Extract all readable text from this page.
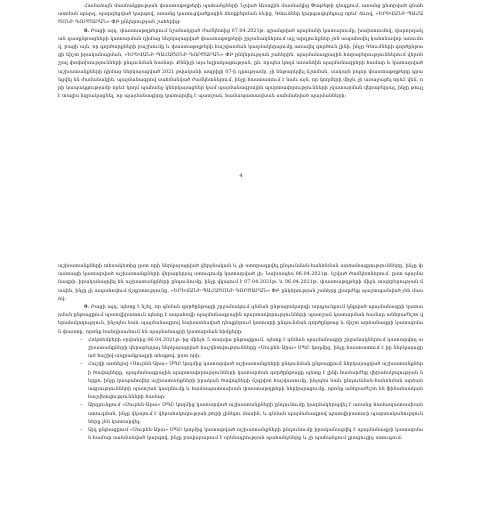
Համաձայն մասնակցության փաստաթղթերի պահանջների Նշված Առաջին մասնակից Փաթեթի դեպքում, առանց ընտրված գնահատման պարզ, պարզեցված կարգով, առանց կառուցվածքային ձեռքբերման ձևից, Գնումներ կարգավորելուց որևէ ձևով, «ԵՐԵՎԱՆԻ ՊԱՀԱԾՈՆԻ ԳՈՐԾԱՐԱՆ» ՓԲ ընկերության շահերից:

8. Բացի այդ, փաստաթղթերում նշանակված ժամկետից 07.04.2021թ. գրանցված պայմանի կատարումը, խախտումով, վարորդական դասընթացների կատարման դիմաց ներկայացված փաստաթղթերի շրջանակներում այլ արդյունքներ չեն ապահովել կանոնավոր առումով, բացի այն, որ գործարքների բաշխումը և փաստաթղթերի հաշվառման կազմակերպումը առավել գործուն լինի, ինչը Գնումների գործընթացի ճիշտ իրականացման, «ԵՐԵՎԱՆԻ ՊԱՀԱԾՈՆԻ ԳՈՐԾԱՐԱՆ» ՓԲ ընկերության շահերին, պայմանագրային հարաբերություններում վերոնշյալ փոփոխությունների ընդունման համար: Քննիչի այս եզրակացության, ըն. որպես կողմ առանձին պայմանագրերի համար և կատարված աշխատանքների դիմաց ներկայացված 2021 թվականի ապրիլի 07-ի դրությամբ, չի ենթարկվել ճշտման, սակայն բոլոր փաստաթղթերը գրանցվել են ժամանակին, պայմանագրով սահմանված ժամկետներում, ինչը հաստատում է նաև այն, որ կողմերի միջև չի առաջացել որևէ վեճ, որի կապակցությամբ որևէ կողմ պահանջ կներկայացներ կամ պայմանագրային պարտավորությունների չկատարման վերաբերյալ, ինչը թույլ է տալիս եզրակացնել, որ պայմանագիրը կատարվել է պատշաճ, համապատասխան սահմանված պայմանների:

4

աշխատանքների տեսակետից ըստ որի ներկայացված վերջնական և չի ստորագրվել ընդունման-հանձնման արձանագրությունները, ինչը փաստացի կատարված աշխատանքների վերաբերյալ ստուգումը կատարված չի: Նախապես 06.04.2021թ. նշված ժամկետներում, ըստ պայմանագրի, իրականացվել են աշխատանքների ընդունումը, ինչը վկայում է 07.04.2021թ. և 06.04.2021թ. փաստաթղթերի միջև տարբերության մասին, ինչը չի ապահովում ճշգրտությունը, «ԵՐԵՎԱՆԻ ՊԱՀԱԾՈՆԻ ԳՈՐԾԱՐԱՆ» ՓԲ ընկերության շահերը լիարժեք պաշտպանված չեն մասով:

9. Բացի այդ, պետք է նշել, որ գնման գործընթացի շրջանակում գնման ընթացակարգի արդյունքում կնքված պայմանագրի կատարման ընթացքում պատվիրատուն պետք է ապահովի պայմանագրային պարտավորությունների պատշաճ կատարման համար անհրաժեշտ վերահսկողություն, ինչպես նաև պայմանագրով նախատեսված դեպքերում կատարի ընդունման գործընթաց և ճիշտ արձանագրի կատարման փաստը, որոնք հանդիսանում են պայմանագրի կատարման հիմքերը:

– Հոկտեմբերի օրվանից 06.04.2021թ.-ից մինչև 5 տարվա ընթացքում, պետք է գնման պայմանագրի շրջանակներում կատարվող աշխատանքների վերաբերյալ ներկայացված հաշվետվությունները «Սուրեն-Արա» ՍՊԸ կողմից, ինչը հաստատում է իր ներկայացրած հաշիվ-ապրանքագրի տեսքով, ըստ որի:

– Հաշվի առնելով «Սուրեն-Արա» ՍՊԸ կողմից կատարված աշխատանքների ընդունման ընթացքում ներկայացված աշխատանքների ծավալները, պայմանագրային պարտավորությունների կատարման գործընթացը պետք է լինի համարժեք վերահսկողության ներքո, ինչը կապահովեր աշխատանքների իրական ծավալների ճշգրիտ հաշվառումը, ինչպես նաև ընդունման-հանձնման արձանագրությունների պատշաճ կազմումը և համապատասխան փաստաթղթերի ներկայացումը, որոնք անհրաժեշտ են ֆինանսական հաշվետվությունների համար:

– Արդյունքում «Սուրեն-Արա» ՍՊԸ կողմից կատարված աշխատանքների ընդունումը կազմակերպվել է առանց համապատասխան ստուգման, ինչը վկայում է վերահսկողության թերի լինելու մասին, և գնման պայմանագրով պատվիրատուի պարտականությունները չեն կատարվել:

– Այդ ընթացքում «Սուրեն-Արա» ՍՊԸ կողմից կատարված աշխատանքների ընդունումը իրականացվել է պայմանագրի կատարման համար սահմանված կարգով, ինչը բավարարում է օրենսդրության պահանջները և չի պահանջում լրացուցիչ ստուգում:
